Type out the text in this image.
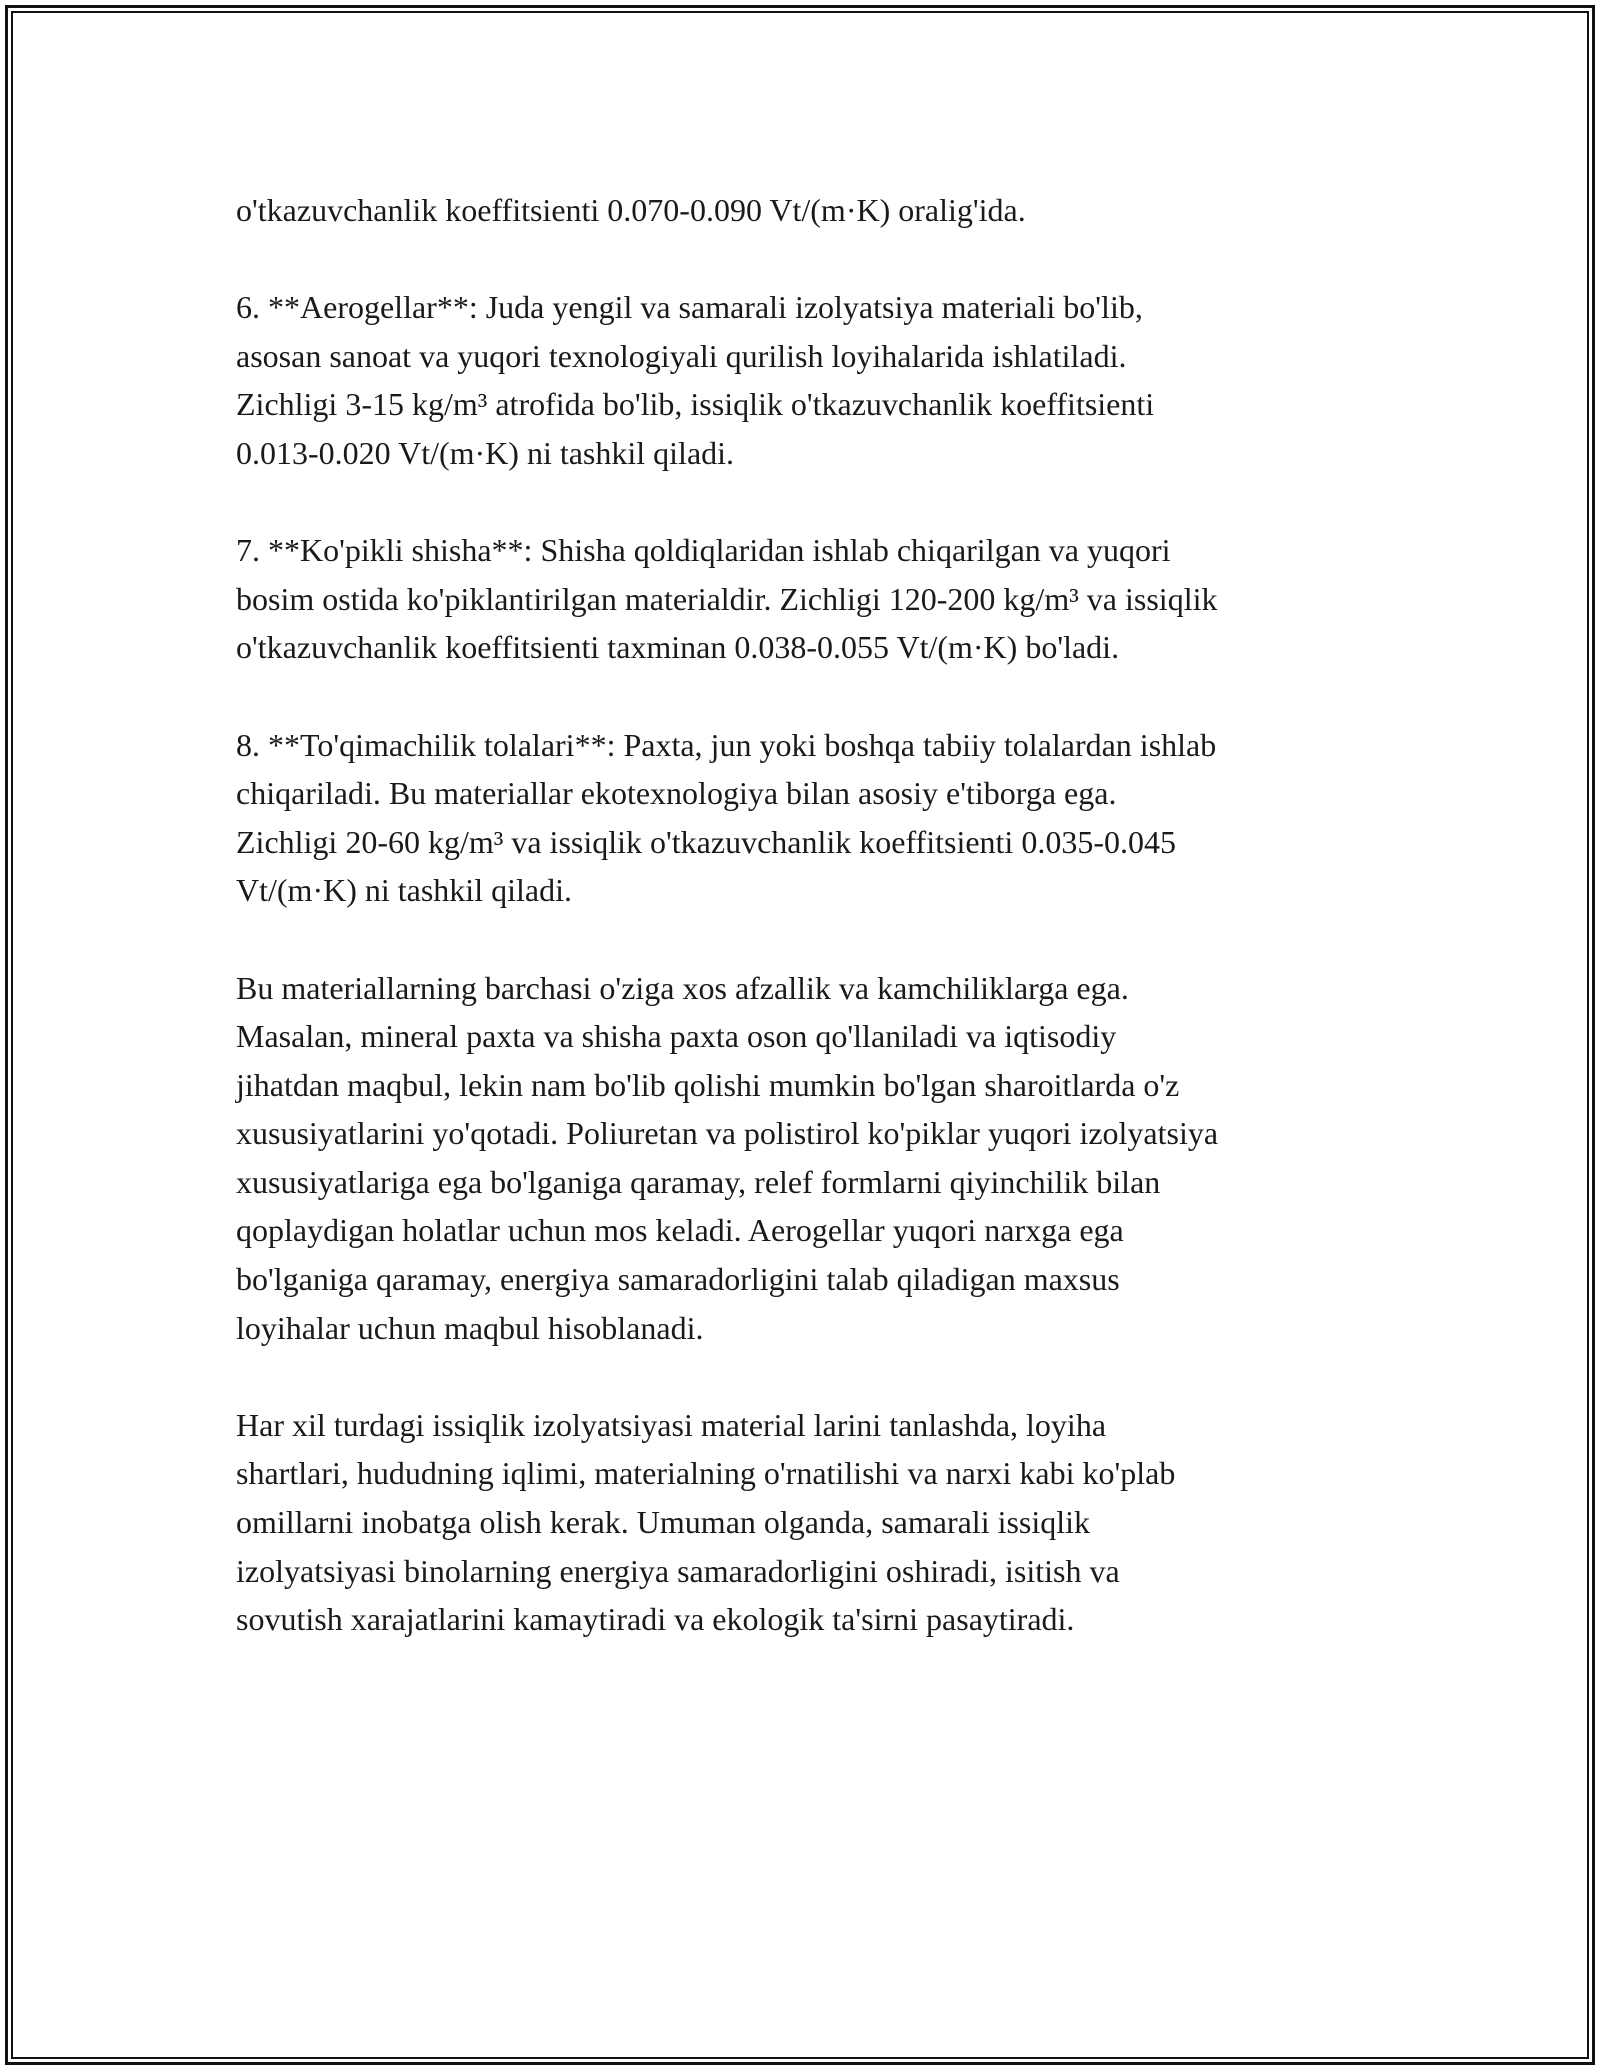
o'tkazuvchanlik koeffitsienti 0.070-0.090 Vt/(m·K) oralig'ida.

6. **Aerogellar**: Juda yengil va samarali izolyatsiya materiali bo'lib,
asosan sanoat va yuqori texnologiyali qurilish loyihalarida ishlatiladi.
Zichligi 3-15 kg/m³ atrofida bo'lib, issiqlik o'tkazuvchanlik koeffitsienti
0.013-0.020 Vt/(m·K) ni tashkil qiladi.

7. **Ko'pikli shisha**: Shisha qoldiqlaridan ishlab chiqarilgan va yuqori
bosim ostida ko'piklantirilgan materialdir. Zichligi 120-200 kg/m³ va issiqlik
o'tkazuvchanlik koeffitsienti taxminan 0.038-0.055 Vt/(m·K) bo'ladi.

8. **To'qimachilik tolalari**: Paxta, jun yoki boshqa tabiiy tolalardan ishlab
chiqariladi. Bu materiallar ekotexnologiya bilan asosiy e'tiborga ega.
Zichligi 20-60 kg/m³ va issiqlik o'tkazuvchanlik koeffitsienti 0.035-0.045
Vt/(m·K) ni tashkil qiladi.

Bu materiallarning barchasi o'ziga xos afzallik va kamchiliklarga ega.
Masalan, mineral paxta va shisha paxta oson qo'llaniladi va iqtisodiy
jihatdan maqbul, lekin nam bo'lib qolishi mumkin bo'lgan sharoitlarda o'z
xususiyatlarini yo'qotadi. Poliuretan va polistirol ko'piklar yuqori izolyatsiya
xususiyatlariga ega bo'lganiga qaramay, relef formlarni qiyinchilik bilan
qoplaydigan holatlar uchun mos keladi. Aerogellar yuqori narxga ega
bo'lganiga qaramay, energiya samaradorligini talab qiladigan maxsus
loyihalar uchun maqbul hisoblanadi.

Har xil turdagi issiqlik izolyatsiyasi material larini tanlashda, loyiha
shartlari, hududning iqlimi, materialning o'rnatilishi va narxi kabi ko'plab
omillarni inobatga olish kerak. Umuman olganda, samarali issiqlik
izolyatsiyasi binolarning energiya samaradorligini oshiradi, isitish va
sovutish xarajatlarini kamaytiradi va ekologik ta'sirni pasaytiradi.
